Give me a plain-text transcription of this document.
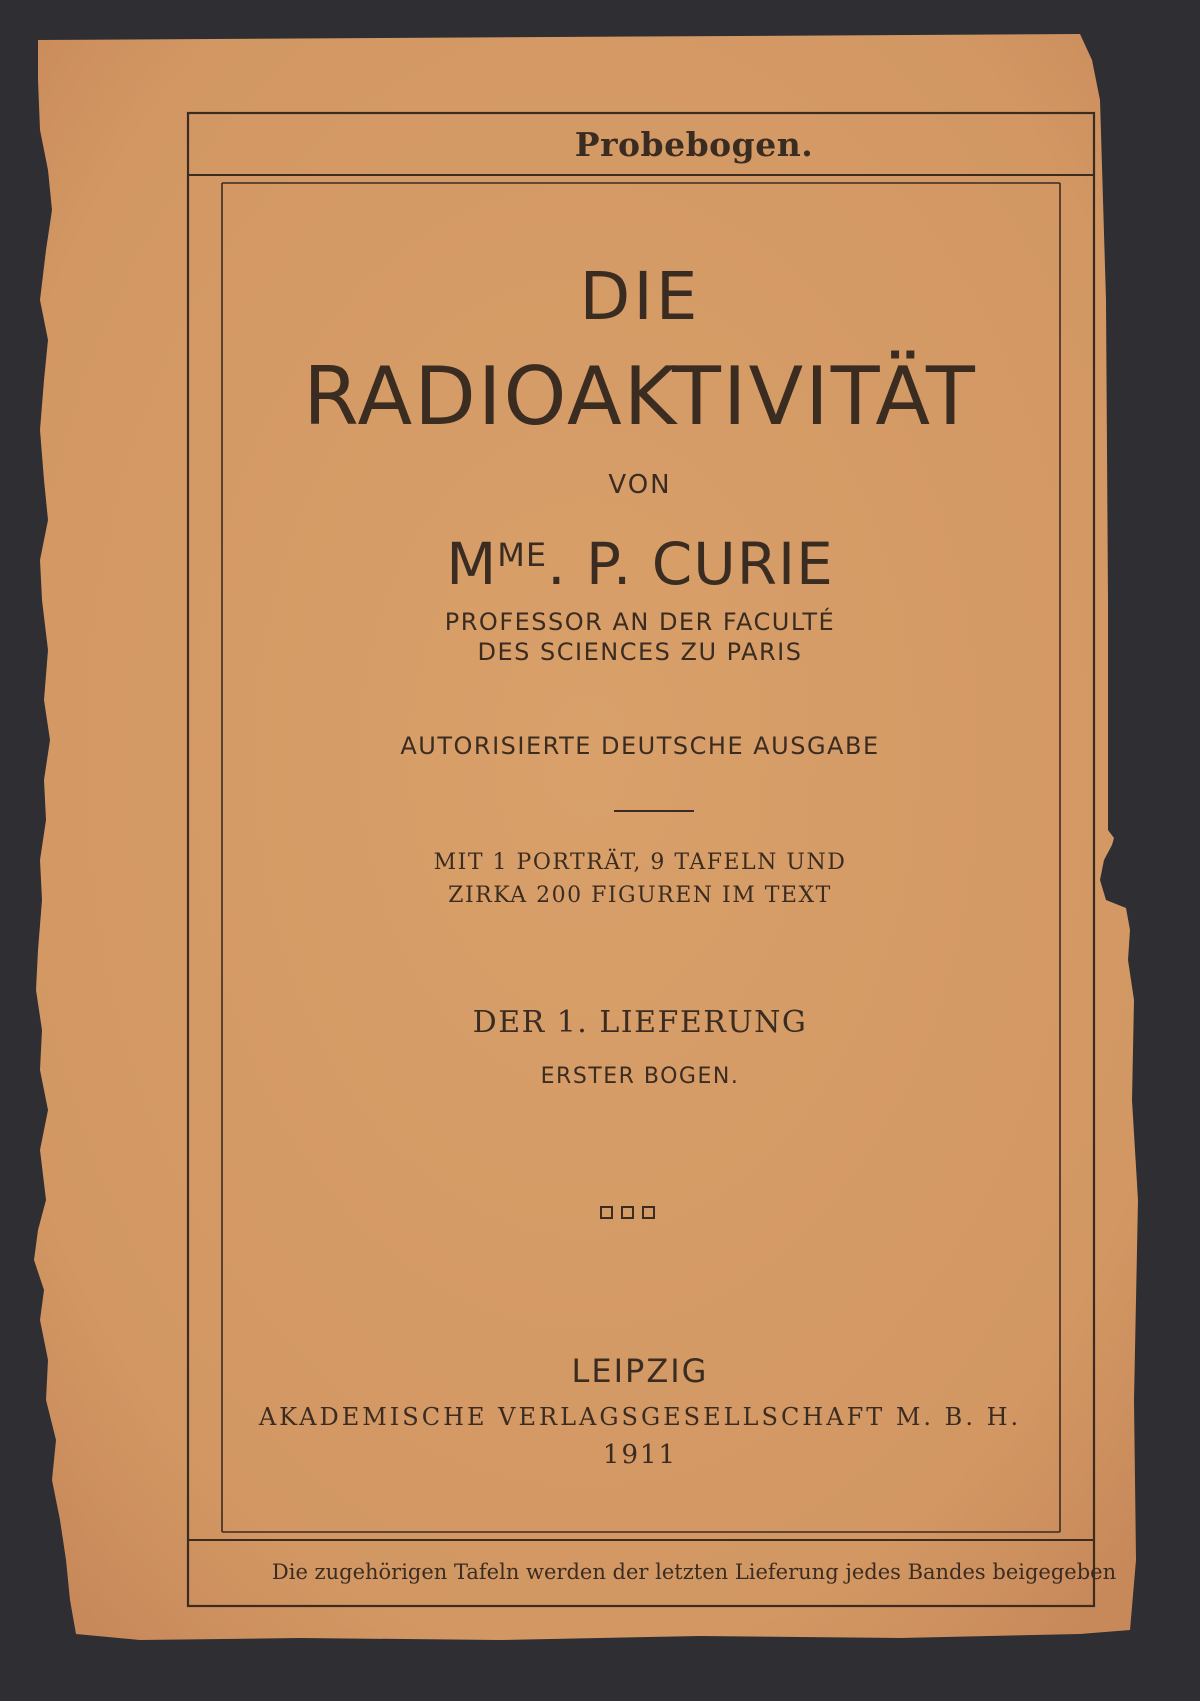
Probebogen.
DIE
RADIOAKTIVITÄT
VON
$M^{ME}$. P. CURIE
PROFESSOR AN DER FACULTÉ
DES SCIENCES ZU PARIS
AUTORISIERTE DEUTSCHE AUSGABE
MIT 1 PORTRÄT, 9 TAFELN UND
ZIRKA 200 FIGUREN IM TEXT
DER 1. LIEFERUNG
ERSTER BOGEN.
LEIPZIG
AKADEMISCHE VERLAGSGESELLSCHAFT M. B. H.
1911
Die zugehörigen Tafeln werden der letzten Lieferung jedes Bandes beigegeben
